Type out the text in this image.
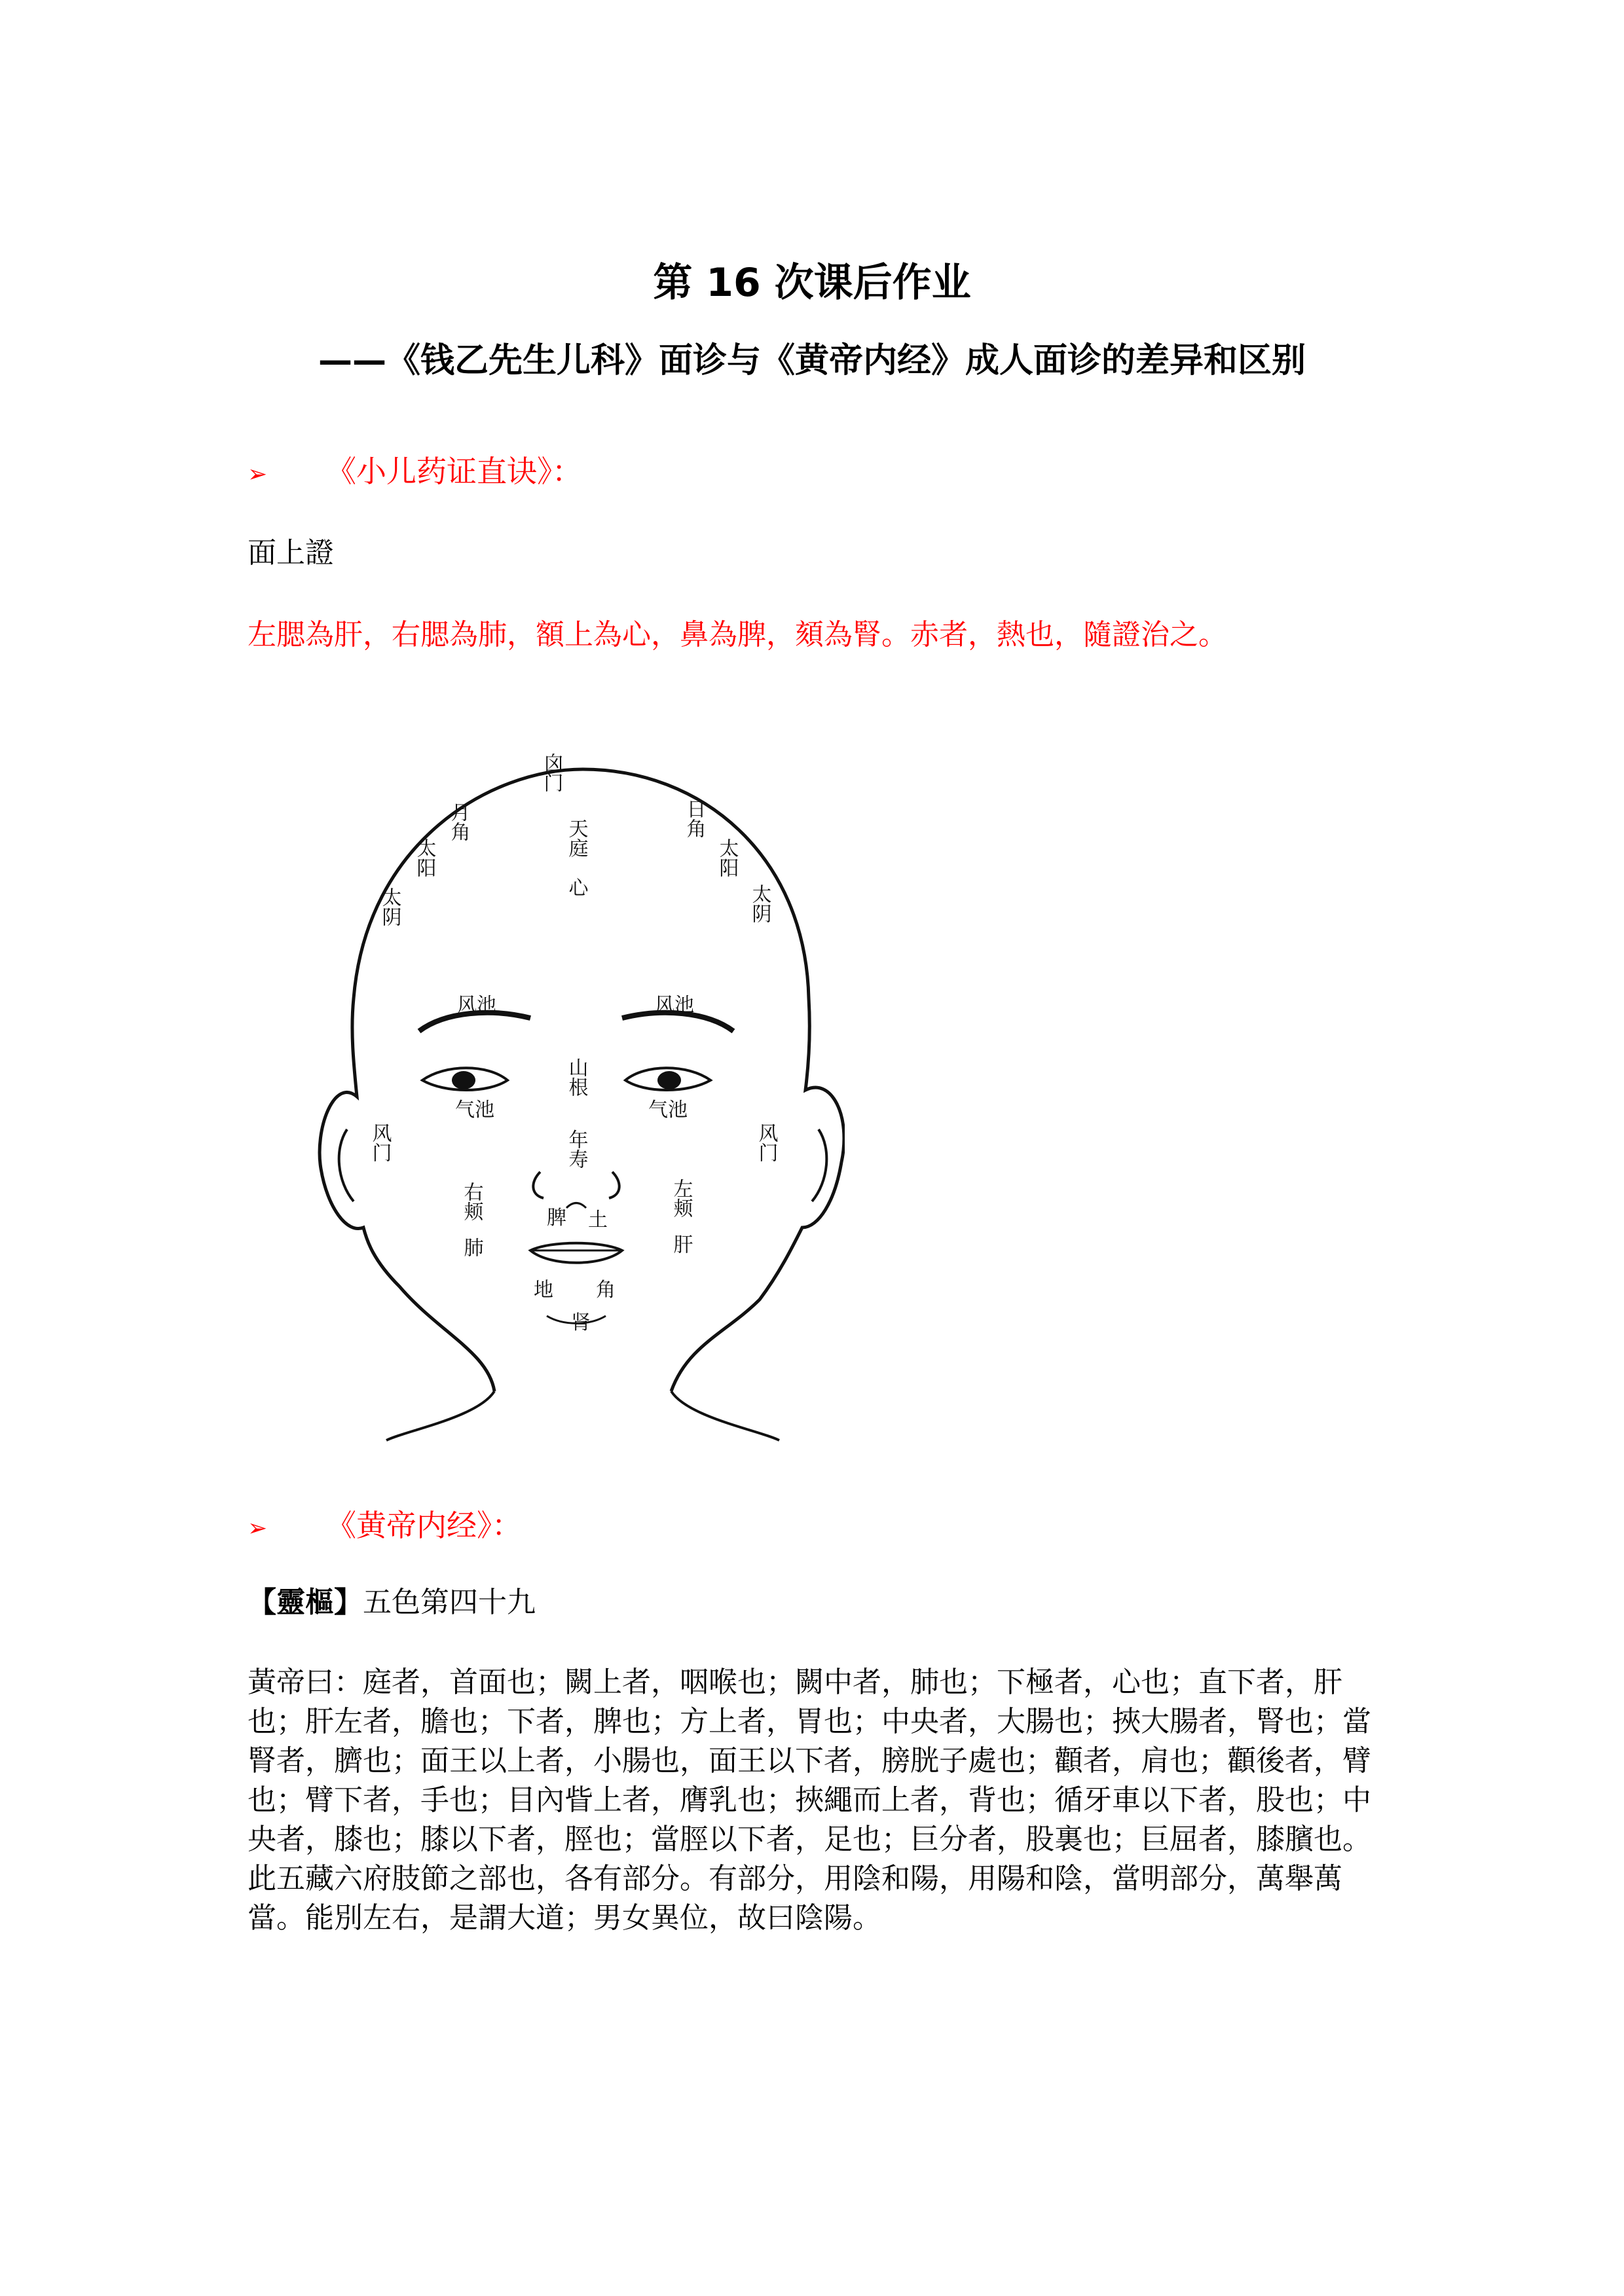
第 16 次课后作业
——《钱乙先生儿科》面诊与《黄帝内经》成人面诊的差异和区别
➢ 《小儿药证直诀》：
面上證
左腮為肝，右腮為肺，額上為心，鼻為脾，頦為腎。赤者，熱也，隨證治之。
囟门
天庭
心
月角	日角
太阳	太阳
太阴	太阴
风池	风池
气池	气池
山根
年寿
风门	风门
右颊
肺
左颊
肝
脾 土
地 角
肾
➢ 《黄帝内经》：
【靈樞】五色第四十九

黃帝曰：庭者，首面也；闕上者，咽喉也；闕中者，肺也；下極者，心也；直下者，肝也；肝左者，膽也；下者，脾也；方上者，胃也；中央者，大腸也；挾大腸者，腎也；當腎者，臍也；面王以上者，小腸也，面王以下者，膀胱子處也；顴者，肩也；顴後者，臂也；臂下者，手也；目內眥上者，膺乳也；挾繩而上者，背也；循牙車以下者，股也；中央者，膝也；膝以下者，脛也；當脛以下者，足也；巨分者，股裏也；巨屈者，膝臏也。此五藏六府肢節之部也，各有部分。有部分，用陰和陽，用陽和陰，當明部分，萬舉萬當。能別左右，是謂大道；男女異位，故曰陰陽。
